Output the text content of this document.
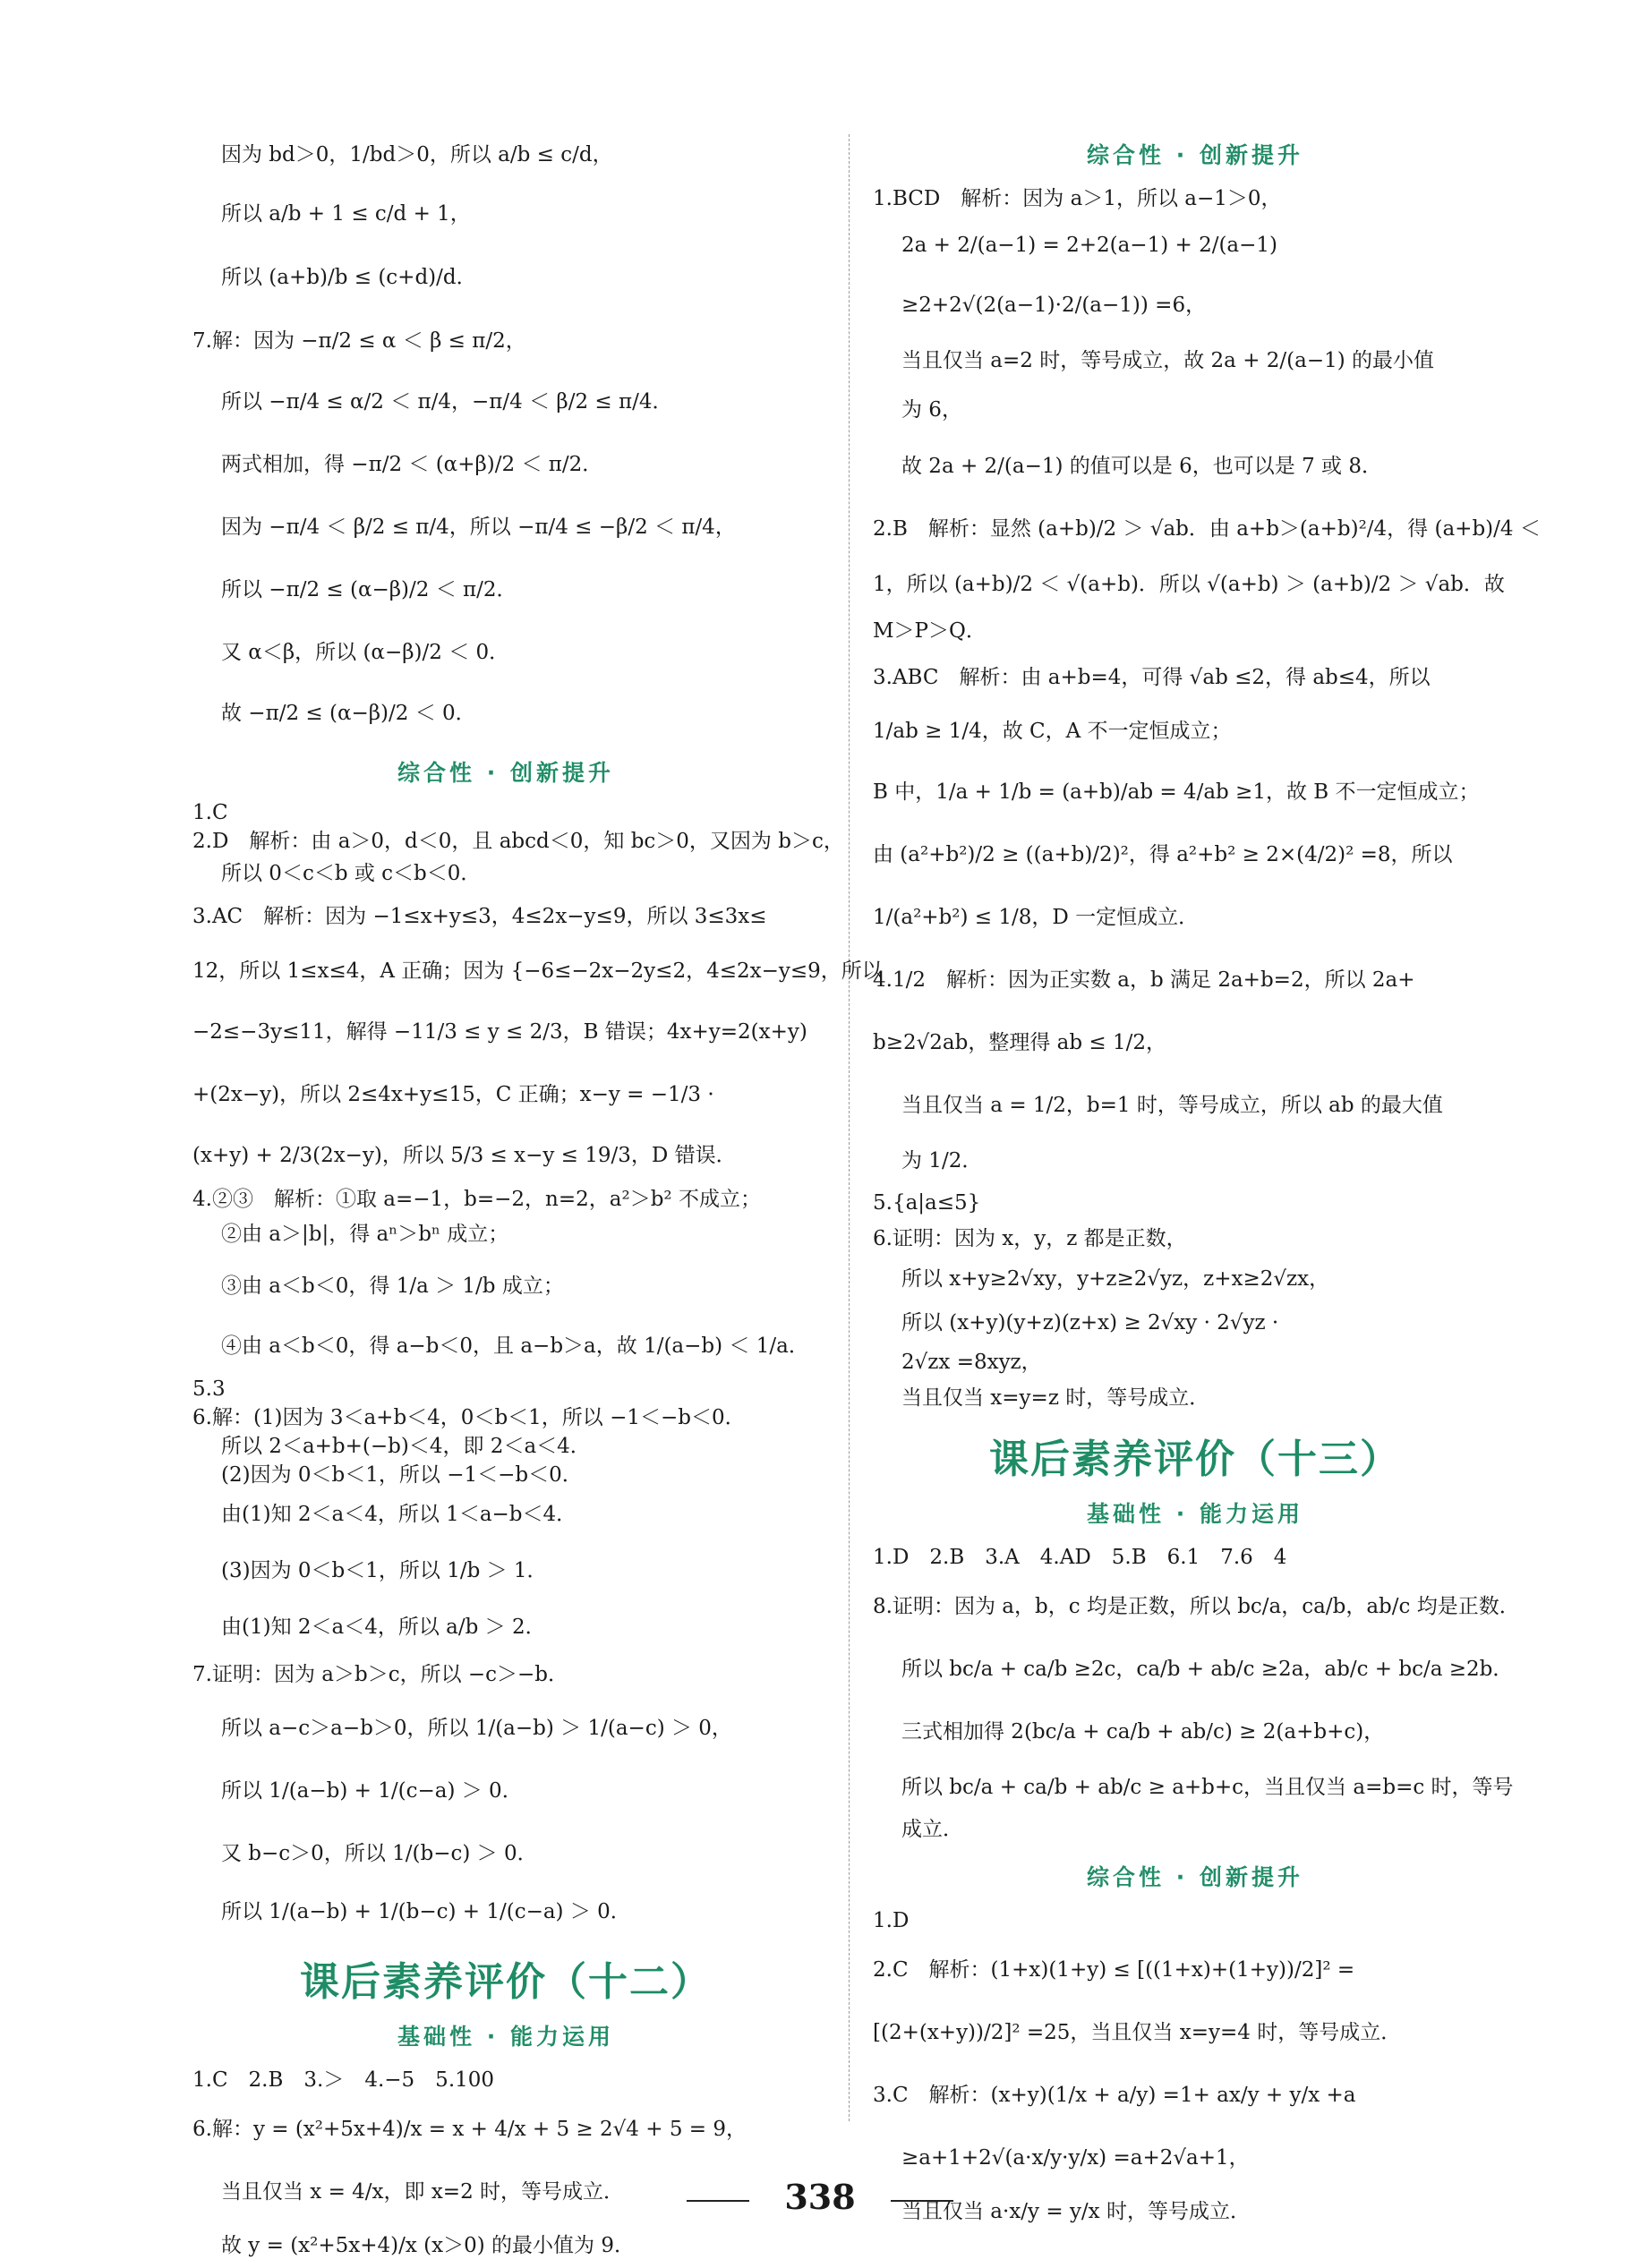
因为 bd＞0，1/bd＞0，所以 a/b ≤ c/d，
所以 a/b + 1 ≤ c/d + 1，
所以 (a+b)/b ≤ (c+d)/d．
7.解：因为 −π/2 ≤ α ＜ β ≤ π/2，
所以 −π/4 ≤ α/2 ＜ π/4，−π/4 ＜ β/2 ≤ π/4．
两式相加，得 −π/2 ＜ (α+β)/2 ＜ π/2．
因为 −π/4 ＜ β/2 ≤ π/4，所以 −π/4 ≤ −β/2 ＜ π/4，
所以 −π/2 ≤ (α−β)/2 ＜ π/2．
又 α＜β，所以 (α−β)/2 ＜ 0．
故 −π/2 ≤ (α−β)/2 ＜ 0．
综合性 · 创新提升
1.C
2.D　解析：由 a＞0，d＜0，且 abcd＜0，知 bc＞0，又因为 b＞c，
所以 0＜c＜b 或 c＜b＜0．
3.AC　解析：因为 −1≤x+y≤3，4≤2x−y≤9，所以 3≤3x≤
12，所以 1≤x≤4，A 正确；因为 {−6≤−2x−2y≤2，4≤2x−y≤9，所以
−2≤−3y≤11，解得 −11/3 ≤ y ≤ 2/3，B 错误；4x+y=2(x+y)
+(2x−y)，所以 2≤4x+y≤15，C 正确；x−y = −1/3 ·
(x+y) + 2/3(2x−y)，所以 5/3 ≤ x−y ≤ 19/3，D 错误．
4.②③　解析：①取 a=−1，b=−2，n=2，a²＞b² 不成立；
②由 a＞|b|，得 aⁿ＞bⁿ 成立；
③由 a＜b＜0，得 1/a ＞ 1/b 成立；
④由 a＜b＜0，得 a−b＜0，且 a−b＞a，故 1/(a−b) ＜ 1/a．
5.3
6.解：(1)因为 3＜a+b＜4，0＜b＜1，所以 −1＜−b＜0．
所以 2＜a+b+(−b)＜4，即 2＜a＜4．
(2)因为 0＜b＜1，所以 −1＜−b＜0．
由(1)知 2＜a＜4，所以 1＜a−b＜4．
(3)因为 0＜b＜1，所以 1/b ＞ 1．
由(1)知 2＜a＜4，所以 a/b ＞ 2．
7.证明：因为 a＞b＞c，所以 −c＞−b．
所以 a−c＞a−b＞0，所以 1/(a−b) ＞ 1/(a−c) ＞ 0，
所以 1/(a−b) + 1/(c−a) ＞ 0．
又 b−c＞0，所以 1/(b−c) ＞ 0．
所以 1/(a−b) + 1/(b−c) + 1/(c−a) ＞ 0．
课后素养评价（十二）
基础性 · 能力运用
1.C　2.B　3.＞　4.−5　5.100
6.解：y = (x²+5x+4)/x = x + 4/x + 5 ≥ 2√4 + 5 = 9，
当且仅当 x = 4/x，即 x=2 时，等号成立．
故 y = (x²+5x+4)/x (x＞0) 的最小值为 9．
综合性 · 创新提升
1.BCD　解析：因为 a＞1，所以 a−1＞0，
2a + 2/(a−1) = 2+2(a−1) + 2/(a−1)
≥2+2√(2(a−1)·2/(a−1)) =6，
当且仅当 a=2 时，等号成立，故 2a + 2/(a−1) 的最小值
为 6，
故 2a + 2/(a−1) 的值可以是 6，也可以是 7 或 8．
2.B　解析：显然 (a+b)/2 ＞ √ab．由 a+b＞(a+b)²/4，得 (a+b)/4 ＜
1，所以 (a+b)/2 ＜ √(a+b)．所以 √(a+b) ＞ (a+b)/2 ＞ √ab．故
M＞P＞Q．
3.ABC　解析：由 a+b=4，可得 √ab ≤2，得 ab≤4，所以
1/ab ≥ 1/4，故 C，A 不一定恒成立；
B 中，1/a + 1/b = (a+b)/ab = 4/ab ≥1，故 B 不一定恒成立；
由 (a²+b²)/2 ≥ ((a+b)/2)²，得 a²+b² ≥ 2×(4/2)² =8，所以
1/(a²+b²) ≤ 1/8，D 一定恒成立．
4.1/2　解析：因为正实数 a，b 满足 2a+b=2，所以 2a+
b≥2√2ab，整理得 ab ≤ 1/2，
当且仅当 a = 1/2，b=1 时，等号成立，所以 ab 的最大值
为 1/2．
5.{a|a≤5}
6.证明：因为 x，y，z 都是正数，
所以 x+y≥2√xy，y+z≥2√yz，z+x≥2√zx，
所以 (x+y)(y+z)(z+x) ≥ 2√xy · 2√yz ·
2√zx =8xyz，
当且仅当 x=y=z 时，等号成立．
课后素养评价（十三）
基础性 · 能力运用
1.D　2.B　3.A　4.AD　5.B　6.1　7.6　4
8.证明：因为 a，b，c 均是正数，所以 bc/a，ca/b，ab/c 均是正数．
所以 bc/a + ca/b ≥2c，ca/b + ab/c ≥2a，ab/c + bc/a ≥2b．
三式相加得 2(bc/a + ca/b + ab/c) ≥ 2(a+b+c)，
所以 bc/a + ca/b + ab/c ≥ a+b+c，当且仅当 a=b=c 时，等号
成立．
综合性 · 创新提升
1.D
2.C　解析：(1+x)(1+y) ≤ [((1+x)+(1+y))/2]² =
[(2+(x+y))/2]² =25，当且仅当 x=y=4 时，等号成立．
3.C　解析：(x+y)(1/x + a/y) =1+ ax/y + y/x +a
≥a+1+2√(a·x/y·y/x) =a+2√a+1，
当且仅当 a·x/y = y/x 时，等号成立．
338
